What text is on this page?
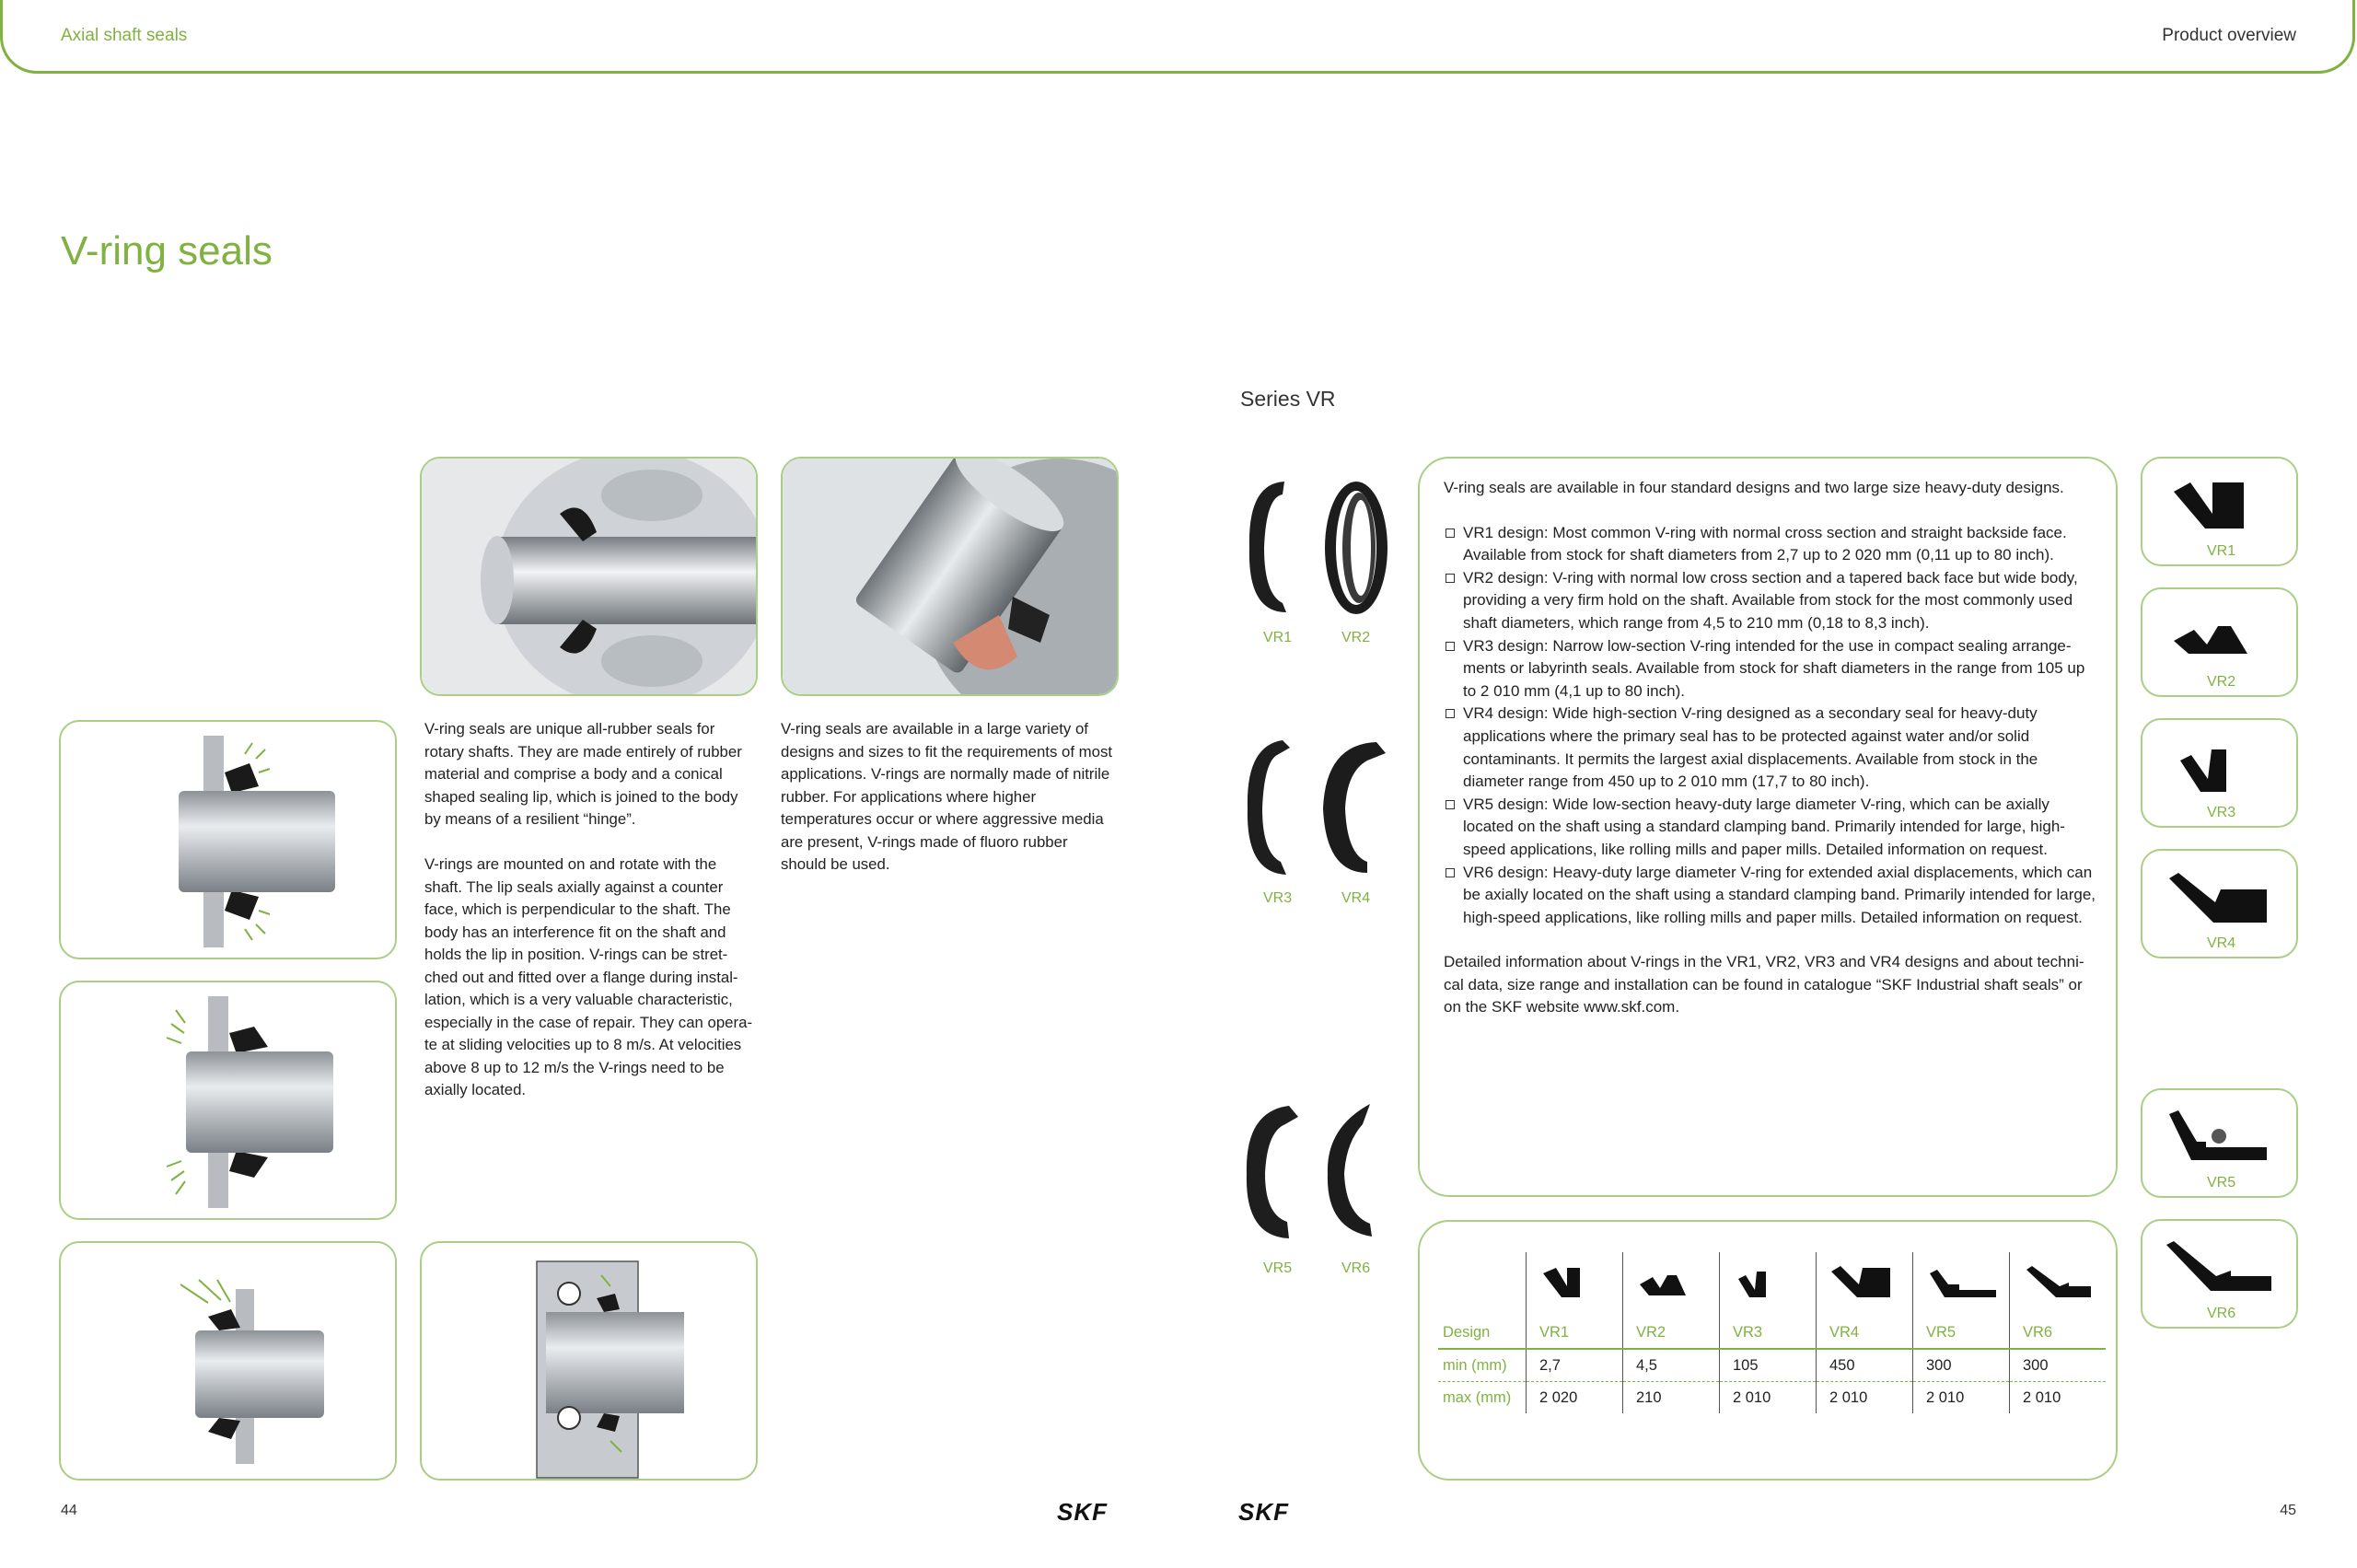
Axial shaft seals	Product overview
V-ring seals
Series VR

V-ring seals are unique all-rubber seals for rotary shafts. They are made entirely of rubber material and comprise a body and a conical shaped sealing lip, which is joined to the body by means of a resilient “hinge”.

V-rings are mounted on and rotate with the shaft. The lip seals axially against a counter face, which is perpendicular to the shaft. The body has an interference fit on the shaft and holds the lip in position. V-rings can be stret-ched out and fitted over a flange during instal-lation, which is a very valuable characteristic, especially in the case of repair. They can opera-te at sliding velocities up to 8 m/s. At velocities above 8 up to 12 m/s the V-rings need to be axially located.

V-ring seals are available in a large variety of designs and sizes to fit the requirements of most applications. V-rings are normally made of nitrile rubber. For applications where higher temperatures occur or where aggressive media are present, V-rings made of fluoro rubber should be used.

VR1	VR2
VR3	VR4
VR5	VR6

V-ring seals are available in four standard designs and two large size heavy-duty designs.

VR1 design: Most common V-ring with normal cross section and straight backside face. Available from stock for shaft diameters from 2,7 up to 2 020 mm (0,11 up to 80 inch).
VR2 design: V-ring with normal low cross section and a tapered back face but wide body, providing a very firm hold on the shaft. Available from stock for the most commonly used shaft diameters, which range from 4,5 to 210 mm (0,18 to 8,3 inch).
VR3 design: Narrow low-section V-ring intended for the use in compact sealing arrange-ments or labyrinth seals. Available from stock for shaft diameters in the range from 105 up to 2 010 mm (4,1 up to 80 inch).
VR4 design: Wide high-section V-ring designed as a secondary seal for heavy-duty applications where the primary seal has to be protected against water and/or solid contaminants. It permits the largest axial displacements. Available from stock in the diameter range from 450 up to 2 010 mm (17,7 to 80 inch).
VR5 design: Wide low-section heavy-duty large diameter V-ring, which can be axially located on the shaft using a standard clamping band. Primarily intended for large, high-speed applications, like rolling mills and paper mills. Detailed information on request.
VR6 design: Heavy-duty large diameter V-ring for extended axial displacements, which can be axially located on the shaft using a standard clamping band. Primarily intended for large, high-speed applications, like rolling mills and paper mills. Detailed information on request.

Detailed information about V-rings in the VR1, VR2, VR3 and VR4 designs and about techni-cal data, size range and installation can be found in catalogue “SKF Industrial shaft seals” or on the SKF website www.skf.com.

Design	VR1	VR2	VR3	VR4	VR5	VR6
min (mm)	2,7	4,5	105	450	300	300
max (mm)	2 020	210	2 010	2 010	2 010	2 010
VR1
VR2
VR3
VR4
VR5
VR6
44	45
SKF	SKF
